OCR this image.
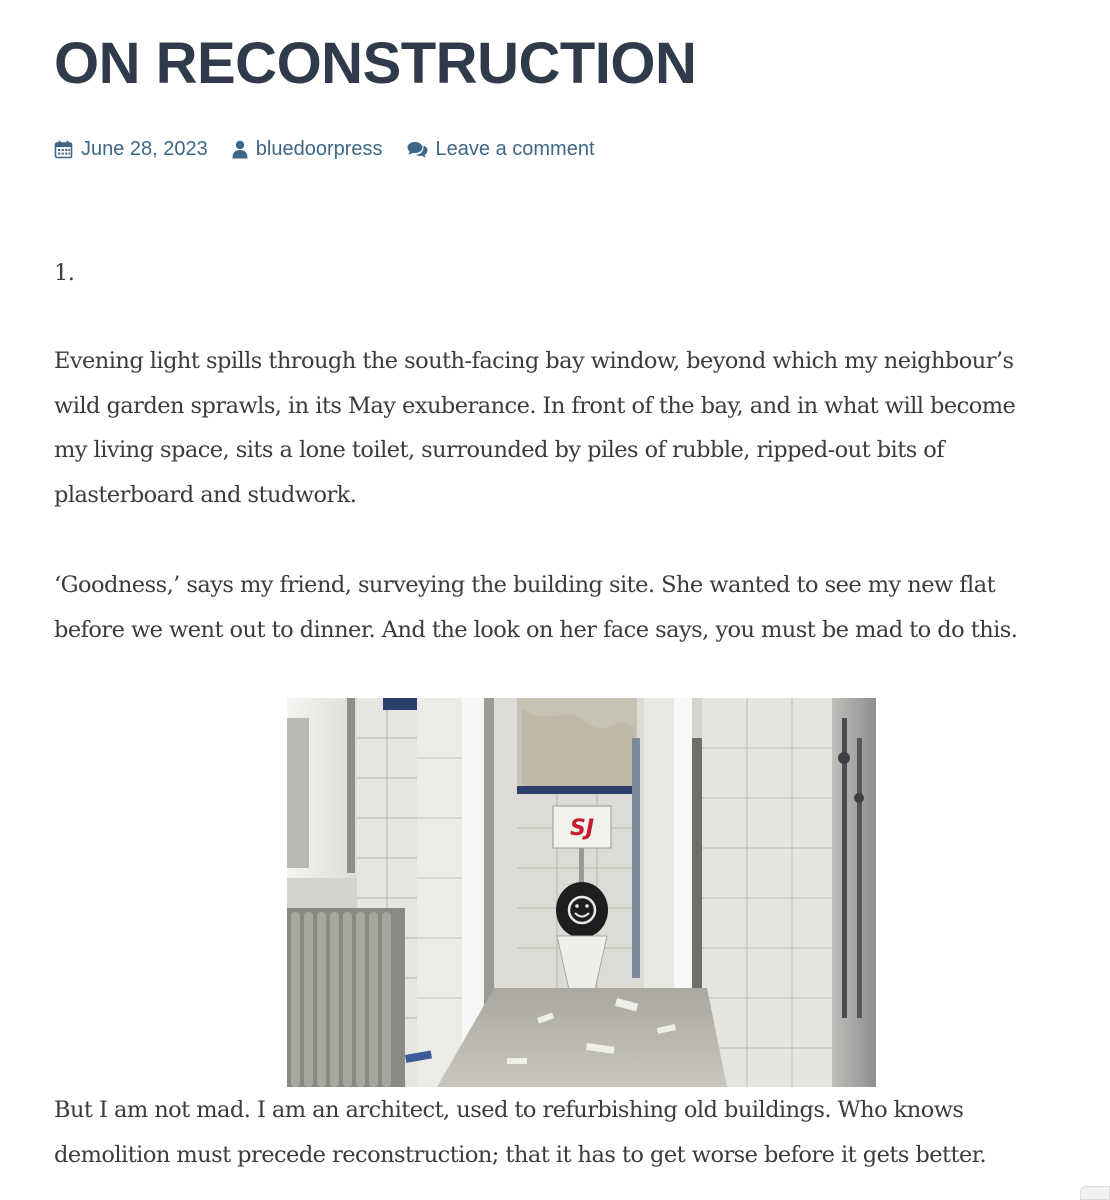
ON RECONSTRUCTION
June 28, 2023 bluedoorpress	Leave a comment

1.

Evening light spills through the south-facing bay window, beyond which my neighbour’s
wild garden sprawls, in its May exuberance. In front of the bay, and in what will become
my living space, sits a lone toilet, surrounded by piles of rubble, ripped-out bits of
plasterboard and studwork.

‘Goodness,’ says my friend, surveying the building site. She wanted to see my new flat
before we went out to dinner. And the look on her face says, you must be mad to do this.

SJ

But I am not mad. I am an architect, used to refurbishing old buildings. Who knows
demolition must precede reconstruction; that it has to get worse before it gets better.
